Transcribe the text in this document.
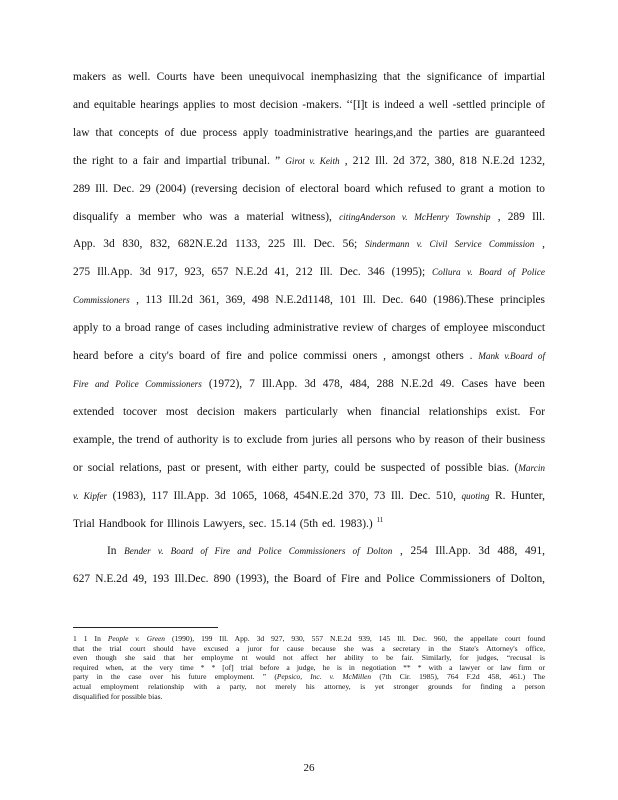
makers as well. Courts have been unequivocal inemphasizing that the significance of impartial
and equitable hearings applies to most decision -makers. ‘‘[I]t is indeed a well -settled principle of
law that concepts of due process apply toadministrative hearings,and the parties are guaranteed
the right to a fair and impartial tribunal. ” Girot v. Keith , 212 Ill. 2d 372, 380, 818 N.E.2d 1232,
289 Ill. Dec. 29 (2004) (reversing decision of electoral board which refused to grant a motion to
disqualify a member who was a material witness), citingAnderson v. McHenry Township , 289 Ill.
App. 3d 830, 832, 682N.E.2d 1133, 225 Ill. Dec. 56; Sindermann v. Civil Service Commission ,
275 Ill.App. 3d 917, 923, 657 N.E.2d 41, 212 Ill. Dec. 346 (1995); Collura v. Board of Police
Commissioners , 113 Ill.2d 361, 369, 498 N.E.2d1148, 101 Ill. Dec. 640 (1986).These principles
apply to a broad range of cases including administrative review of charges of employee misconduct
heard before a city's board of fire and police commissi oners , amongst others . Mank v.Board of
Fire and Police Commissioners (1972), 7 Ill.App. 3d 478, 484, 288 N.E.2d 49. Cases have been
extended tocover most decision makers particularly when financial relationships exist. For
example, the trend of authority is to exclude from juries all persons who by reason of their business
or social relations, past or present, with either party, could be suspected of possible bias. (Marcin
v. Kipfer (1983), 117 Ill.App. 3d 1065, 1068, 454N.E.2d 370, 73 Ill. Dec. 510, quoting R. Hunter,
Trial Handbook for Illinois Lawyers, sec. 15.14 (5th ed. 1983).) $^{11}$
In Bender v. Board of Fire and Police Commissioners of Dolton , 254 Ill.App. 3d 488, 491,
627 N.E.2d 49, 193 Ill.Dec. 890 (1993), the Board of Fire and Police Commissioners of Dolton,
1 1 In People v. Green (1990), 199 Ill. App. 3d 927, 930, 557 N.E.2d 939, 145 Ill. Dec. 960, the appellate court found
that the trial court should have excused a juror for cause because she was a secretary in the State's Attorney's office,
even though she said that her employme nt would not affect her ability to be fair. Similarly, for judges, “recusal is
required when, at the very time * * [of] trial before a judge, he is in negotiation ** * with a lawyer or law firm or
party in the case over his future employment. ” (Pepsico, Inc. v. McMillen (7th Cir. 1985), 764 F.2d 458, 461.) The
actual employment relationship with a party, not merely his attorney, is yet stronger grounds for finding a person
disqualified for possible bias.
26
